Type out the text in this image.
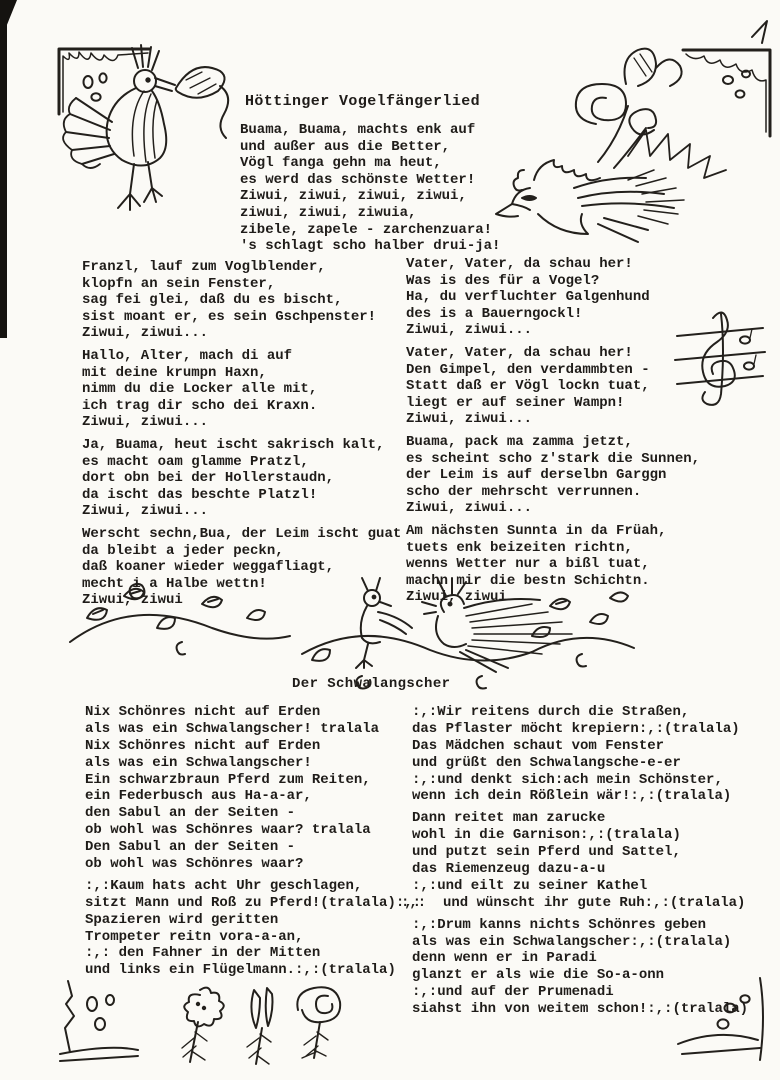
Höttinger Vogelfängerlied
Buama, Buama, machts enk auf
und außer aus die Better,
Vögl fanga gehn ma heut,
es werd das schönste Wetter!
Ziwui, ziwui, ziwui, ziwui,
ziwui, ziwui, ziwuia,
zibele, zapele - zarchenzuara!
's schlagt scho halber drui-ja!
Franzl, lauf zum Voglblender,
klopfn an sein Fenster,
sag fei glei, daß du es bischt,
sist moant er, es sein Gschpenster!
Ziwui, ziwui...
Hallo, Alter, mach di auf
mit deine krumpn Haxn,
nimm du die Locker alle mit,
ich trag dir scho dei Kraxn.
Ziwui, ziwui...
Ja, Buama, heut ischt sakrisch kalt,
es macht oam glamme Pratzl,
dort obn bei der Hollerstaudn,
da ischt das beschte Platzl!
Ziwui, ziwui...
Werscht sechn,Bua, der Leim ischt guat
da bleibt a jeder peckn,
daß koaner wieder weggafliagt,
mecht i a Halbe wettn!
Ziwui, ziwui
Vater, Vater, da schau her!
Was is des für a Vogel?
Ha, du verfluchter Galgenhund
des is a Bauerngockl!
Ziwui, ziwui...
Vater, Vater, da schau her!
Den Gimpel, den verdammbten -
Statt daß er Vögl lockn tuat,
liegt er auf seiner Wampn!
Ziwui, ziwui...
Buama, pack ma zamma jetzt,
es scheint scho z'stark die Sunnen,
der Leim is auf derselbn Garggn
scho der mehrscht verrunnen.
Ziwui, ziwui...
Am nächsten Sunnta in da Früah,
tuets enk beizeiten richtn,
wenns Wetter nur a bißl tuat,
machn mir die bestn Schichtn.
Ziwui, ziwui
Der Schwalangscher
Nix Schönres nicht auf Erden
als was ein Schwalangscher! tralala
Nix Schönres nicht auf Erden
als was ein Schwalangscher!
Ein schwarzbraun Pferd zum Reiten,
ein Federbusch aus Ha-a-ar,
den Sabul an der Seiten -
ob wohl was Schönres waar? tralala
Den Sabul an der Seiten -
ob wohl was Schönres waar?
:,:Kaum hats acht Uhr geschlagen,
sitzt Mann und Roß zu Pferd!(tralala):,:
Spazieren wird geritten
Trompeter reitn vora-a-an,
:,: den Fahner in der Mitten
und links ein Flügelmann.:,:(tralala)
:,:Wir reitens durch die Straßen,
das Pflaster möcht krepiern:,:(tralala)
Das Mädchen schaut vom Fenster
und grüßt den Schwalangsche-e-er
:,:und denkt sich:ach mein Schönster,
wenn ich dein Rößlein wär!:,:(tralala)
Dann reitet man zarucke
wohl in die Garnison:,:(tralala)
und putzt sein Pferd und Sattel,
das Riemenzeug dazu-a-u
:,:und eilt zu seiner Kathel
:,:  und wünscht ihr gute Ruh:,:(tralala)
:,:Drum kanns nichts Schönres geben
als was ein Schwalangscher:,:(tralala)
denn wenn er in Paradi
glanzt er als wie die So-a-onn
:,:und auf der Prumenadi
siahst ihn von weitem schon!:,:(tralala)
